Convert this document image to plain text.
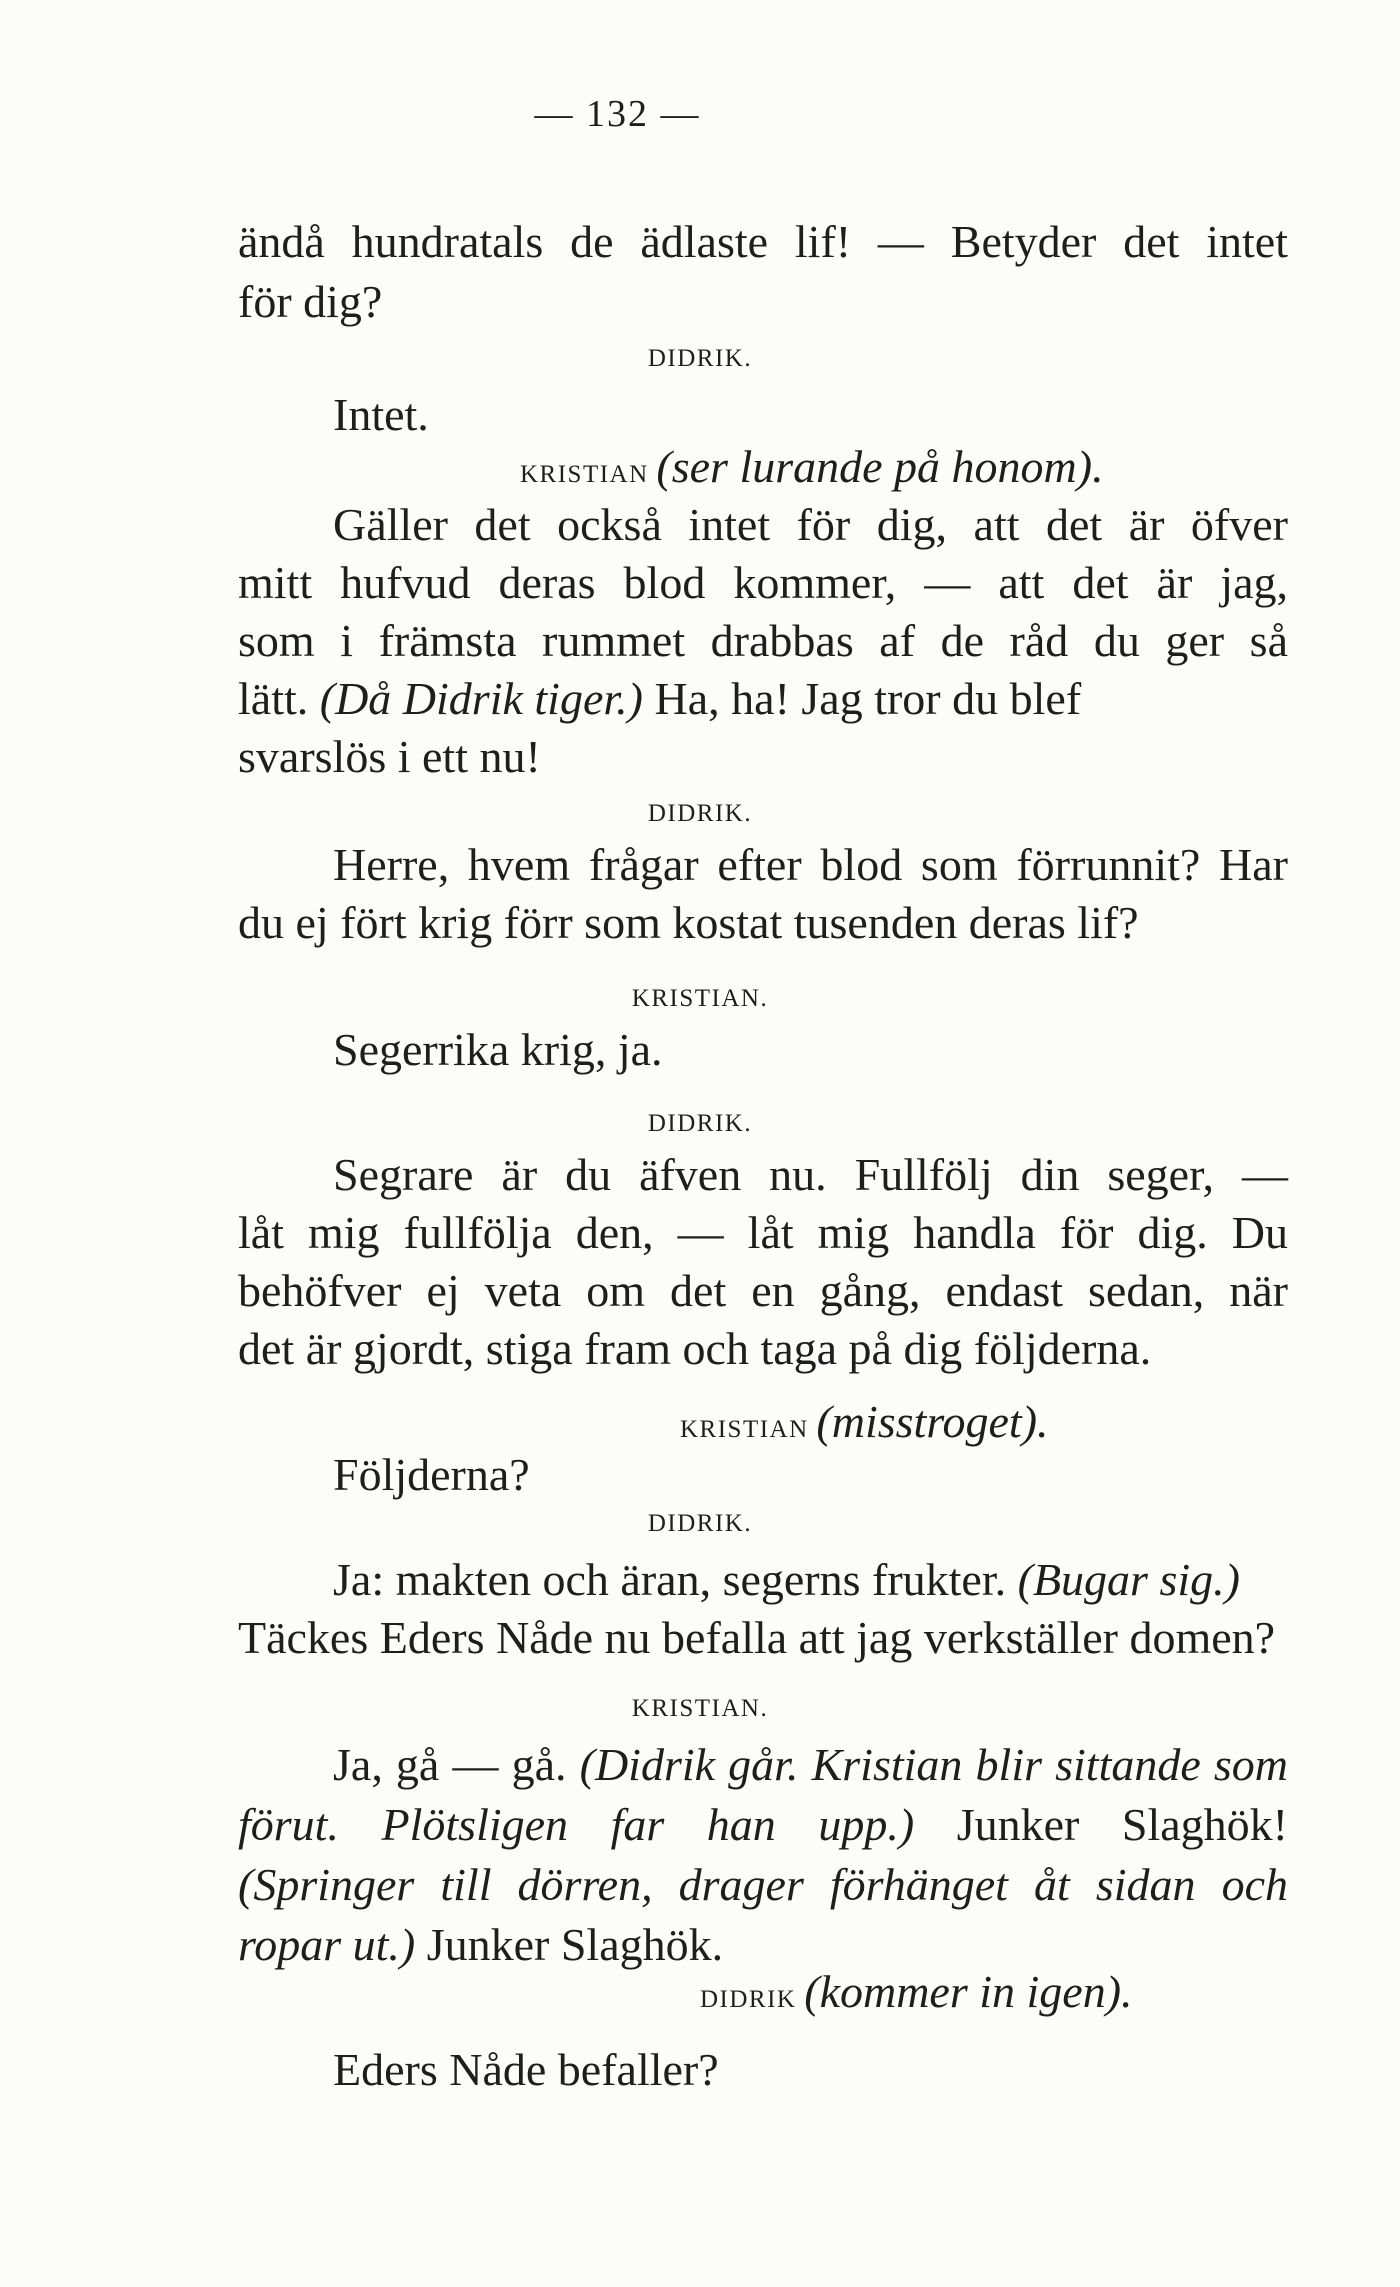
— 132 —

ändå hundratals de ädlaste lif! — Betyder det intet
för dig?

DIDRIK.

Intet.

KRISTIAN (ser lurande på honom).

Gäller det också intet för dig, att det är öfver

mitt hufvud deras blod kommer, — att det är jag,

som i främsta rummet drabbas af de råd du ger så

lätt. (Då Didrik tiger.) Ha, ha! Jag tror du blef

svarslös i ett nu!

DIDRIK.

Herre, hvem frågar efter blod som förrunnit? Har

du ej fört krig förr som kostat tusenden deras lif?

KRISTIAN.

Segerrika krig, ja.

DIDRIK.

Segrare är du äfven nu. Fullfölj din seger, —

låt mig fullfölja den, — låt mig handla för dig. Du

behöfver ej veta om det en gång, endast sedan, när

det är gjordt, stiga fram och taga på dig följderna.

KRISTIAN (misstroget).

Följderna?

DIDRIK.

Ja: makten och äran, segerns frukter. (Bugar sig.)

Täckes Eders Nåde nu befalla att jag verkställer domen?

KRISTIAN.

Ja, gå — gå. (Didrik går. Kristian blir sittande som förut. Plötsligen far han upp.) Junker Slaghök! (Springer till dörren, drager förhänget åt sidan och ropar ut.) Junker Slaghök.

DIDRIK (kommer in igen).

Eders Nåde befaller?
